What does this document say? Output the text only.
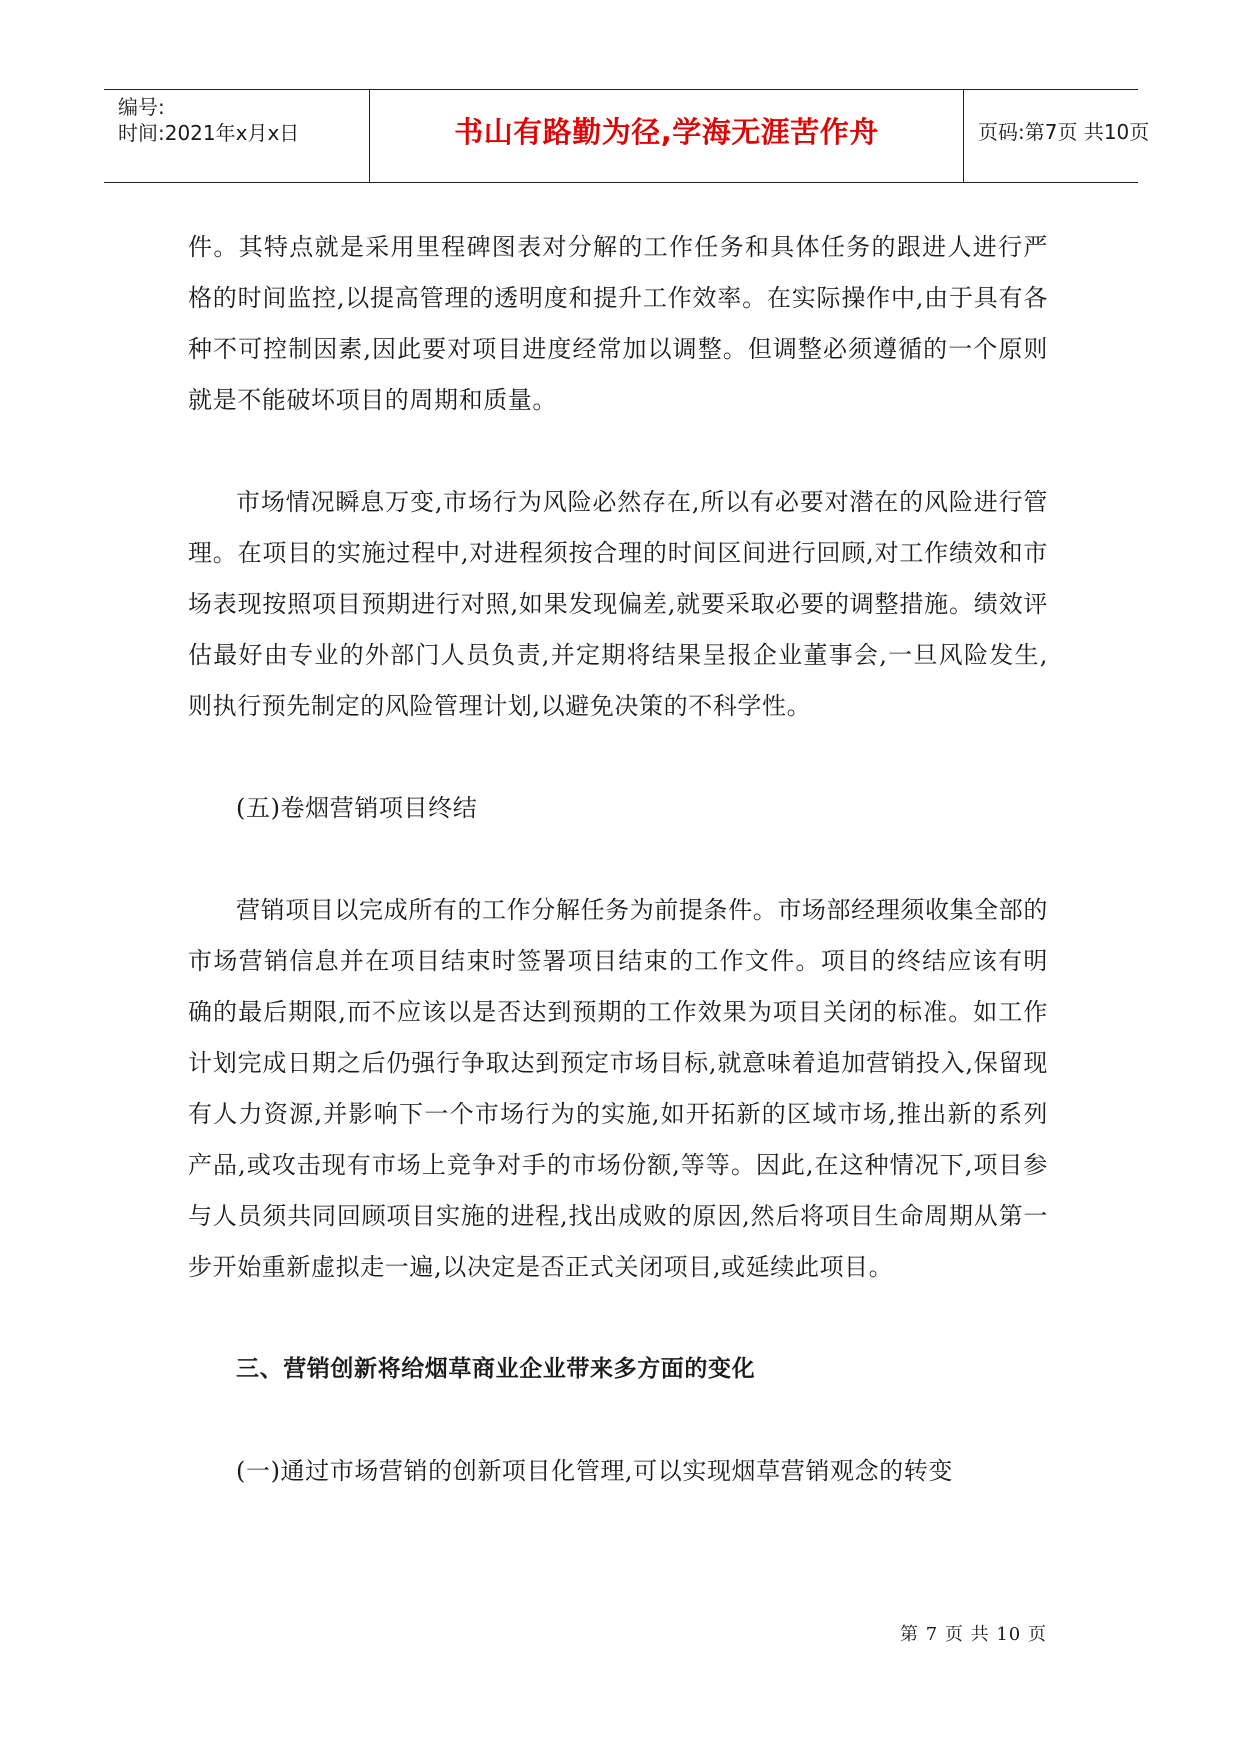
编号:
时间:2021年x月x日	书山有路勤为径,学海无涯苦作舟	页码:第7页 共10页

件。其特点就是采用里程碑图表对分解的工作任务和具体任务的跟进人进行严格的时间监控,以提高管理的透明度和提升工作效率。在实际操作中,由于具有各种不可控制因素,因此要对项目进度经常加以调整。但调整必须遵循的一个原则就是不能破坏项目的周期和质量。

市场情况瞬息万变,市场行为风险必然存在,所以有必要对潜在的风险进行管理。在项目的实施过程中,对进程须按合理的时间区间进行回顾,对工作绩效和市场表现按照项目预期进行对照,如果发现偏差,就要采取必要的调整措施。绩效评估最好由专业的外部门人员负责,并定期将结果呈报企业董事会,一旦风险发生,则执行预先制定的风险管理计划,以避免决策的不科学性。

(五)卷烟营销项目终结

营销项目以完成所有的工作分解任务为前提条件。市场部经理须收集全部的市场营销信息并在项目结束时签署项目结束的工作文件。项目的终结应该有明确的最后期限,而不应该以是否达到预期的工作效果为项目关闭的标准。如工作计划完成日期之后仍强行争取达到预定市场目标,就意味着追加营销投入,保留现有人力资源,并影响下一个市场行为的实施,如开拓新的区域市场,推出新的系列产品,或攻击现有市场上竞争对手的市场份额,等等。因此,在这种情况下,项目参与人员须共同回顾项目实施的进程,找出成败的原因,然后将项目生命周期从第一步开始重新虚拟走一遍,以决定是否正式关闭项目,或延续此项目。

三、营销创新将给烟草商业企业带来多方面的变化

(一)通过市场营销的创新项目化管理,可以实现烟草营销观念的转变

第 7 页 共 10 页
